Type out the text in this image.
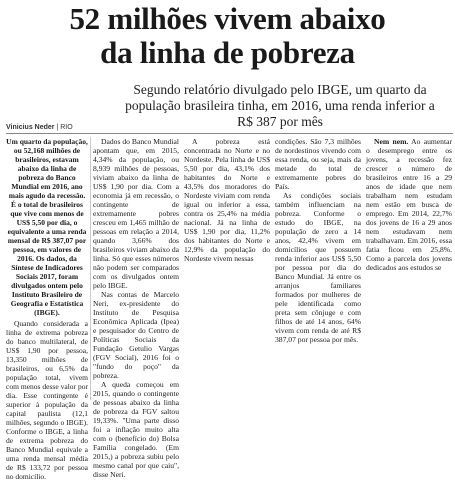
52 milhões vivem abaixo
da linha de pobreza

Segundo relatório divulgado pelo IBGE, um quarto da população brasileira tinha, em 2016, uma renda inferior a R$ 387 por mês

Vinicius Neder | RIO

Um quarto da população, ou 52,168 milhões de brasileiros, estavam abaixo da linha de pobreza do Banco Mundial em 2016, ano mais agudo da recessão. É o total de brasileiros que vive com menos de US$ 5,50 por dia, o equivalente a uma renda mensal de R$ 387,07 por pessoa, em valores de 2016. Os dados, da Síntese de Indicadores Sociais 2017, foram divulgados ontem pelo Instituto Brasileiro de Geografia e Estatística (IBGE).

Quando considerada a linha de extrema pobreza do banco multilateral, de US$ 1,90 por pessoa, 13,350 milhões de brasileiros, ou 6,5% da população total, vivem com menos desse valor por dia. Esse contingente é superior à população da capital paulista (12,1 milhões, segundo o IBGE). Conforme o IBGE, a linha de extrema pobreza do Banco Mundial equivale a uma renda mensal média de R$ 133,72 por pessoa no domicílio.

Dados do Banco Mundial apontam que, em 2015, 4,34% da população, ou 8,939 milhões de pessoas, viviam abaixo da linha de US$ 1,90 por dia. Com a economia já em recessão, o contingente de extremamente pobres cresceu em 1,465 milhão de pessoas em relação a 2014, quando 3,66% dos brasileiros viviam abaixo da linha. Só que esses números não podem ser comparados com os divulgados ontem pelo IBGE.

Nas contas de Marcelo Neri, ex-presidente do Instituto de Pesquisa Econômica Aplicada (Ipea) e pesquisador do Centro de Políticas Sociais da Fundação Getulio Vargas (FGV Social), 2016 foi o "fundo do poço" da pobreza.

A queda começou em 2015, quando o contingente de pessoas abaixo da linha de pobreza da FGV saltou 19,33%. "Uma parte disso foi a inflação muito alta com o (benefício do) Bolsa Família congelado. (Em 2015,) a pobreza subiu pelo mesmo canal por que caiu", disse Neri.

A pobreza está concentrada no Norte e no Nordeste. Pela linha de US$ 5,50 por dia, 43,1% dos habitantes do Norte e 43,5% dos moradores do Nordeste viviam com renda igual ou inferior a essa, contra os 25,4% na média nacional. Já na linha de US$ 1,90 por dia, 11,2% dos habitantes do Norte e 12,9% da população do Nordeste vivem nessas

condições. São 7,3 milhões de nordestinos vivendo com essa renda, ou seja, mais da metade do total de extremamente pobres do País.

As condições sociais também influenciam na pobreza. Conforme o estudo do IBGE, na população de zero a 14 anos, 42,4% vivem em domicílios que possuem renda inferior aos US$ 5,50 por pessoa por dia do Banco Mundial. Já entre os arranjos familiares formados por mulheres de pele identificada como preta sem cônjuge e com filhos de até 14 anos, 64% vivem com renda de até R$ 387,07 por pessoa por mês.

Nem nem. Ao aumentar o desemprego entre os jovens, a recessão fez crescer o número de brasileiros entre 16 a 29 anos de idade que nem trabalham nem estudam nem estão em busca de emprego. Em 2014, 22,7% dos jovens de 16 a 29 anos nem estudavam nem trabalhavam. Em 2016, essa fatia ficou em 25,8%. Como a parcela dos jovens dedicados aos estudos se
